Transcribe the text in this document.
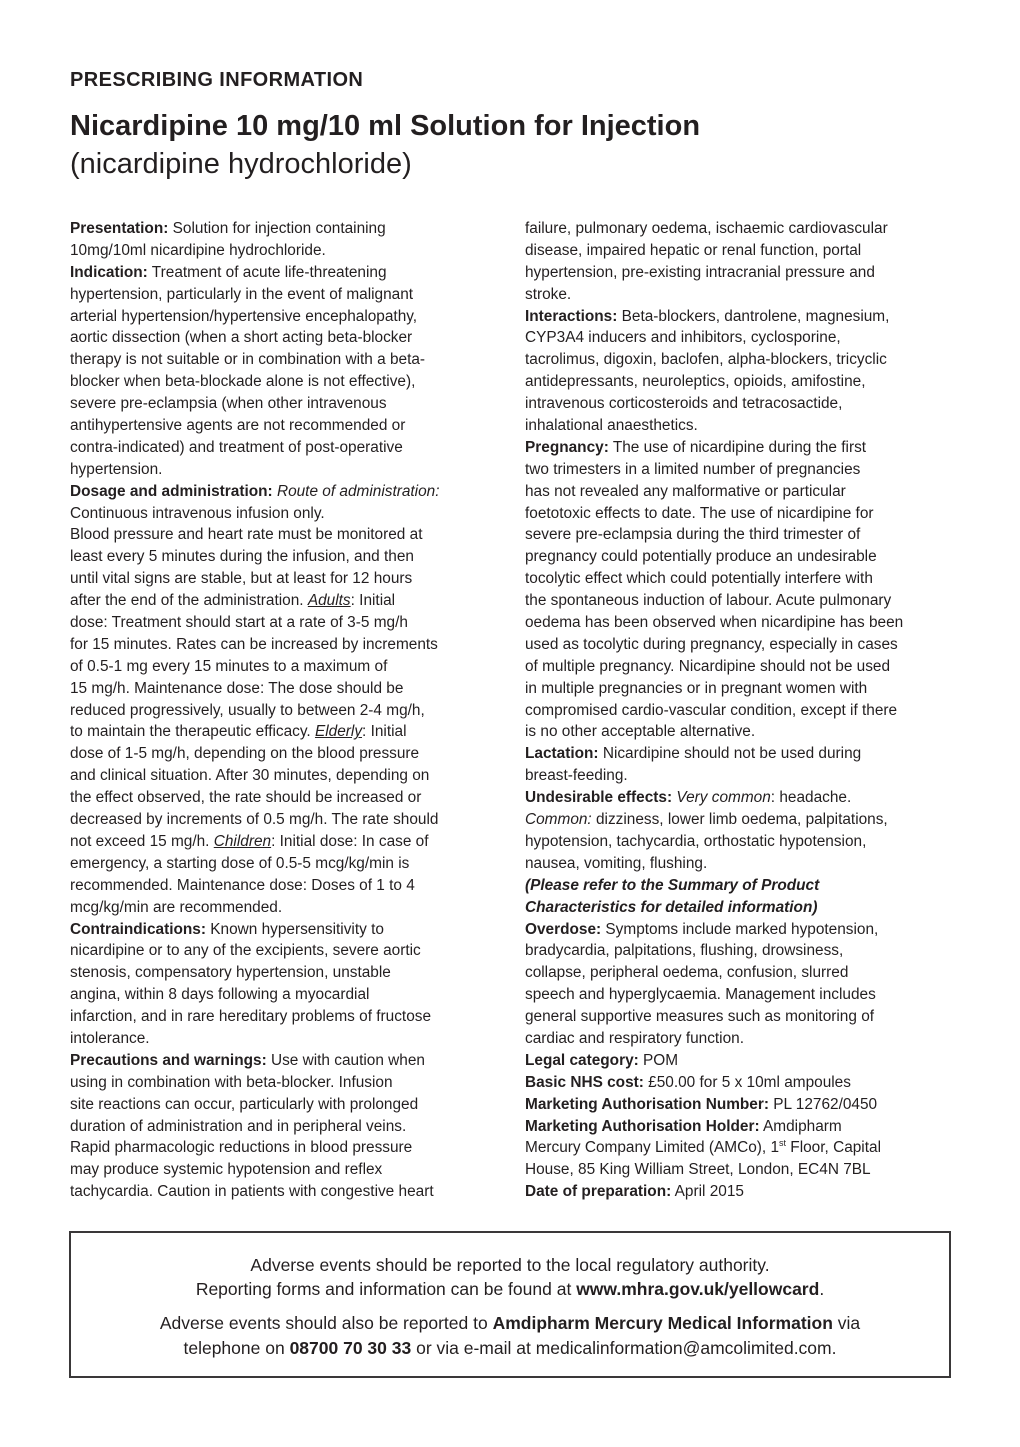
PRESCRIBING INFORMATION
Nicardipine 10 mg/10 ml Solution for Injection
(nicardipine hydrochloride)
Presentation: Solution for injection containing
10mg/10ml nicardipine hydrochloride.
Indication: Treatment of acute life-threatening
hypertension, particularly in the event of malignant
arterial hypertension/hypertensive encephalopathy,
aortic dissection (when a short acting beta-blocker
therapy is not suitable or in combination with a beta-
blocker when beta-blockade alone is not effective),
severe pre-eclampsia (when other intravenous
antihypertensive agents are not recommended or
contra-indicated) and treatment of post-operative
hypertension.
Dosage and administration: Route of administration:
Continuous intravenous infusion only.
Blood pressure and heart rate must be monitored at
least every 5 minutes during the infusion, and then
until vital signs are stable, but at least for 12 hours
after the end of the administration. Adults: Initial
dose: Treatment should start at a rate of 3-5 mg/h
for 15 minutes. Rates can be increased by increments
of 0.5-1 mg every 15 minutes to a maximum of
15 mg/h. Maintenance dose: The dose should be
reduced progressively, usually to between 2-4 mg/h,
to maintain the therapeutic efficacy. Elderly: Initial
dose of 1-5 mg/h, depending on the blood pressure
and clinical situation. After 30 minutes, depending on
the effect observed, the rate should be increased or
decreased by increments of 0.5 mg/h. The rate should
not exceed 15 mg/h. Children: Initial dose: In case of
emergency, a starting dose of 0.5-5 mcg/kg/min is
recommended. Maintenance dose: Doses of 1 to 4
mcg/kg/min are recommended.
Contraindications: Known hypersensitivity to
nicardipine or to any of the excipients, severe aortic
stenosis, compensatory hypertension, unstable
angina, within 8 days following a myocardial
infarction, and in rare hereditary problems of fructose
intolerance.
Precautions and warnings: Use with caution when
using in combination with beta-blocker. Infusion
site reactions can occur, particularly with prolonged
duration of administration and in peripheral veins.
Rapid pharmacologic reductions in blood pressure
may produce systemic hypotension and reflex
tachycardia. Caution in patients with congestive heart
failure, pulmonary oedema, ischaemic cardiovascular
disease, impaired hepatic or renal function, portal
hypertension, pre-existing intracranial pressure and
stroke.
Interactions: Beta-blockers, dantrolene, magnesium,
CYP3A4 inducers and inhibitors, cyclosporine,
tacrolimus, digoxin, baclofen, alpha-blockers, tricyclic
antidepressants, neuroleptics, opioids, amifostine,
intravenous corticosteroids and tetracosactide,
inhalational anaesthetics.
Pregnancy: The use of nicardipine during the first
two trimesters in a limited number of pregnancies
has not revealed any malformative or particular
foetotoxic effects to date. The use of nicardipine for
severe pre-eclampsia during the third trimester of
pregnancy could potentially produce an undesirable
tocolytic effect which could potentially interfere with
the spontaneous induction of labour. Acute pulmonary
oedema has been observed when nicardipine has been
used as tocolytic during pregnancy, especially in cases
of multiple pregnancy. Nicardipine should not be used
in multiple pregnancies or in pregnant women with
compromised cardio-vascular condition, except if there
is no other acceptable alternative.
Lactation: Nicardipine should not be used during
breast-feeding.
Undesirable effects: Very common: headache.
Common: dizziness, lower limb oedema, palpitations,
hypotension, tachycardia, orthostatic hypotension,
nausea, vomiting, flushing.
(Please refer to the Summary of Product
Characteristics for detailed information)
Overdose: Symptoms include marked hypotension,
bradycardia, palpitations, flushing, drowsiness,
collapse, peripheral oedema, confusion, slurred
speech and hyperglycaemia. Management includes
general supportive measures such as monitoring of
cardiac and respiratory function.
Legal category: POM
Basic NHS cost: £50.00 for 5 x 10ml ampoules
Marketing Authorisation Number: PL 12762/0450
Marketing Authorisation Holder: Amdipharm
Mercury Company Limited (AMCo), 1st Floor, Capital
House, 85 King William Street, London, EC4N 7BL
Date of preparation: April 2015
Adverse events should be reported to the local regulatory authority.
Reporting forms and information can be found at www.mhra.gov.uk/yellowcard.
Adverse events should also be reported to Amdipharm Mercury Medical Information via
telephone on 08700 70 30 33 or via e-mail at medicalinformation@amcolimited.com.
